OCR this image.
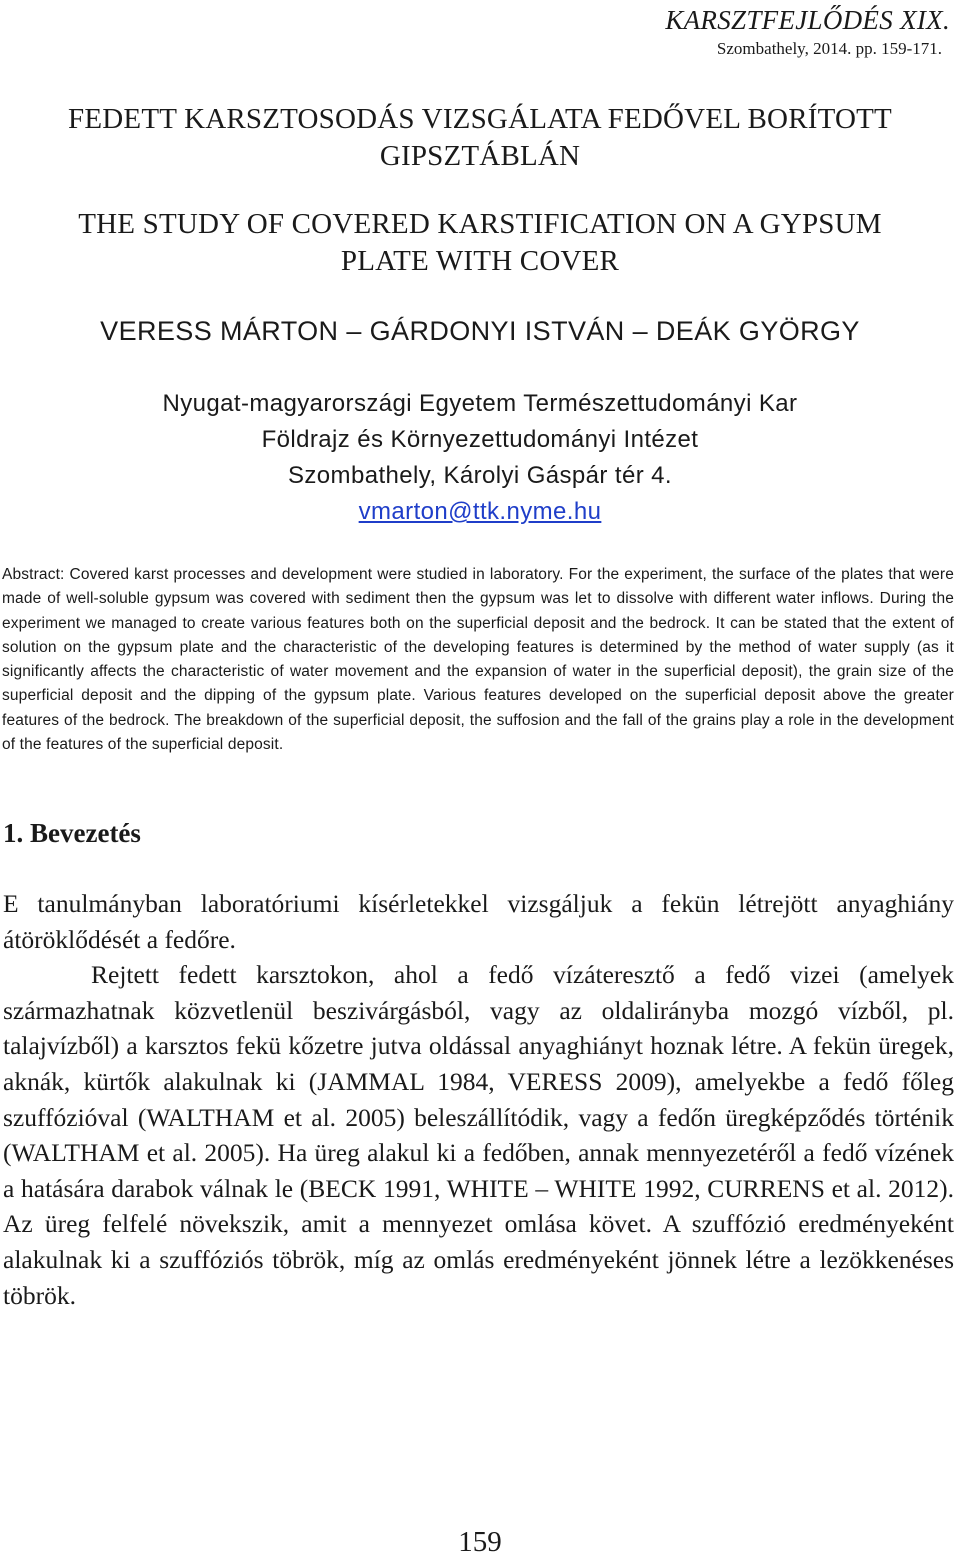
KARSZTFEJLŐDÉS XIX.
Szombathely, 2014. pp. 159-171.
FEDETT KARSZTOSODÁS VIZSGÁLATA FEDŐVEL BORÍTOTT
GIPSZTÁBLÁN
THE STUDY OF COVERED KARSTIFICATION ON A GYPSUM
PLATE WITH COVER
VERESS MÁRTON – GÁRDONYI ISTVÁN – DEÁK GYÖRGY
Nyugat-magyarországi Egyetem Természettudományi Kar
Földrajz és Környezettudományi Intézet
Szombathely, Károlyi Gáspár tér 4.
vmarton@ttk.nyme.hu

Abstract: Covered karst processes and development were studied in laboratory. For the experiment, the surface of the plates that were made of well-soluble gypsum was covered with sediment then the gypsum was let to dissolve with different water inflows. During the experiment we managed to create various features both on the superficial deposit and the bedrock. It can be stated that the extent of solution on the gypsum plate and the characteristic of the developing features is determined by the method of water supply (as it significantly affects the characteristic of water movement and the expansion of water in the superficial deposit), the grain size of the superficial deposit and the dipping of the gypsum plate. Various features developed on the superficial deposit above the greater features of the bedrock. The breakdown of the superficial deposit, the suffosion and the fall of the grains play a role in the development of the features of the superficial deposit.

1. Bevezetés

E tanulmányban laboratóriumi kísérletekkel vizsgáljuk a fekün létrejött anyaghiány átöröklődését a fedőre.

Rejtett fedett karsztokon, ahol a fedő vízáteresztő a fedő vizei (amelyek származhatnak közvetlenül beszivárgásból, vagy az oldalirányba mozgó vízből, pl. talajvízből) a karsztos fekü kőzetre jutva oldással anyaghiányt hoznak létre. A fekün üregek, aknák, kürtők alakulnak ki (JAMMAL 1984, VERESS 2009), amelyekbe a fedő főleg szuffózióval (WALTHAM et al. 2005) beleszállítódik, vagy a fedőn üregképződés történik (WALTHAM et al. 2005). Ha üreg alakul ki a fedőben, annak mennyezetéről a fedő vízének a hatására darabok válnak le (BECK 1991, WHITE – WHITE 1992, CURRENS et al. 2012). Az üreg felfelé növekszik, amit a mennyezet omlása követ. A szuffózió eredményeként alakulnak ki a szuffóziós töbrök, míg az omlás eredményeként jönnek létre a lezökkenéses töbrök.

159
